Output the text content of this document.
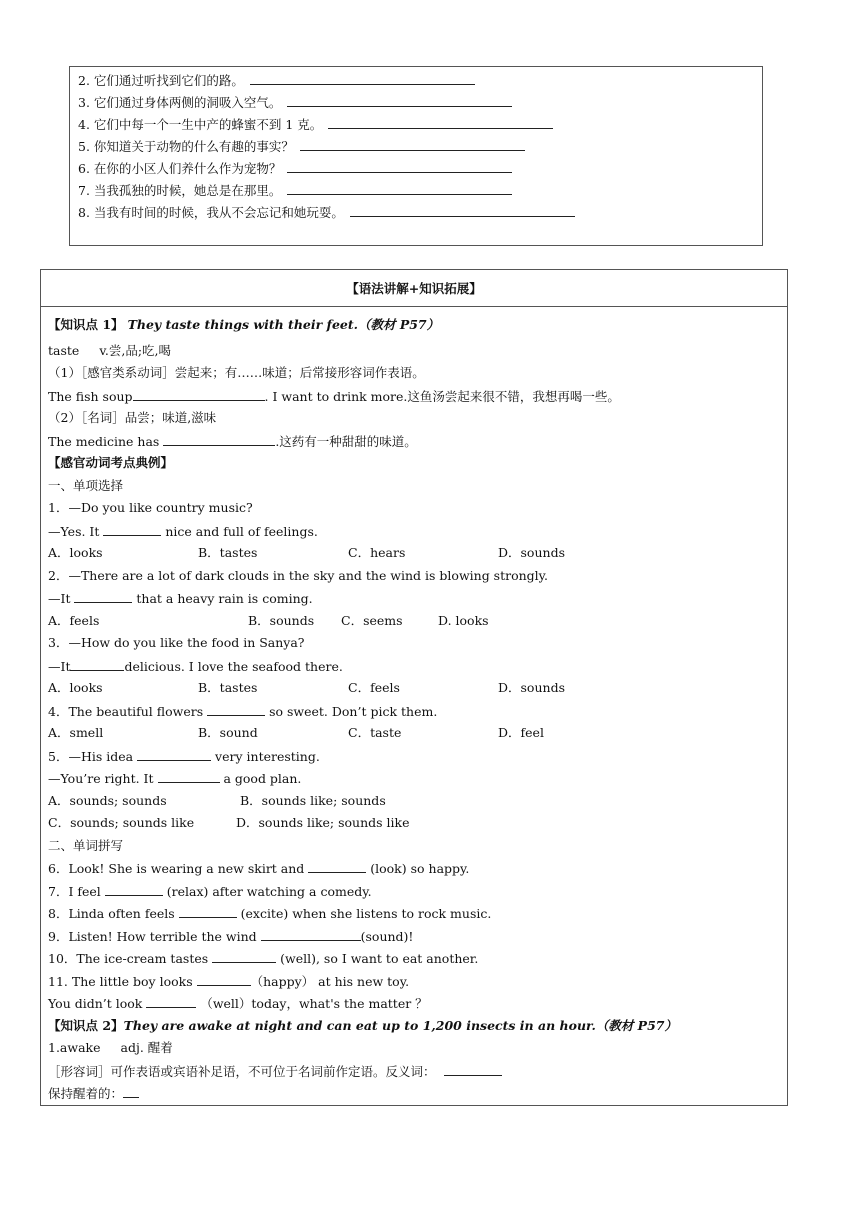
2. 它们通过听找到它们的路。
3. 它们通过身体两侧的洞吸入空气。
4. 它们中每一个一生中产的蜂蜜不到 1 克。
5. 你知道关于动物的什么有趣的事实？
6. 在你的小区人们养什么作为宠物？
7. 当我孤独的时候，她总是在那里。
8. 当我有时间的时候，我从不会忘记和她玩耍。
【语法讲解+知识拓展】
【知识点 1】 They taste things with their feet.（教材 P57）
taste v.尝,品;吃,喝
（1）［感官类系动词］尝起来；有……味道；后常接形容词作表语。
The fish soup	. I want to drink more.这鱼汤尝起来很不错，我想再喝一些。
（2）［名词］品尝；味道,滋味
The medicine has	.这药有一种甜甜的味道。
【感官动词考点典例】
一、单项选择
1．—Do you like country music?
—Yes. It	nice and full of feelings.
A．looks	B．tastes	C．hears	D．sounds
2．—There are a lot of dark clouds in the sky and the wind is blowing strongly.
—It	that a heavy rain is coming.
A．feels	B．sounds C．seems	D. looks
3．—How do you like the food in Sanya?
—It	delicious. I love the seafood there.
A．looks	B．tastes	C．feels	D．sounds
4．The beautiful flowers	so sweet. Don’t pick them.
A．smell	B．sound	C．taste	D．feel
5．—His idea	very interesting.
—You’re right. It	a good plan.
A．sounds; sounds	B．sounds like; sounds
C．sounds; sounds like	D．sounds like; sounds like
二、单词拼写
6．Look! She is wearing a new skirt and	(look) so happy.
7．I feel	(relax) after watching a comedy.
8．Linda often feels	(excite) when she listens to rock music.
9．Listen! How terrible the wind	(sound)!
10．The ice-cream tastes	(well), so I want to eat another.
11. The little boy looks	（happy） at his new toy.
You didn’t look	（well）today，what's the matter ？
【知识点 2】They are awake at night and can eat up to 1,200 insects in an hour.（教材 P57）
1.awake adj. 醒着
［形容词］可作表语或宾语补足语，不可位于名词前作定语。反义词：
保持醒着的：
